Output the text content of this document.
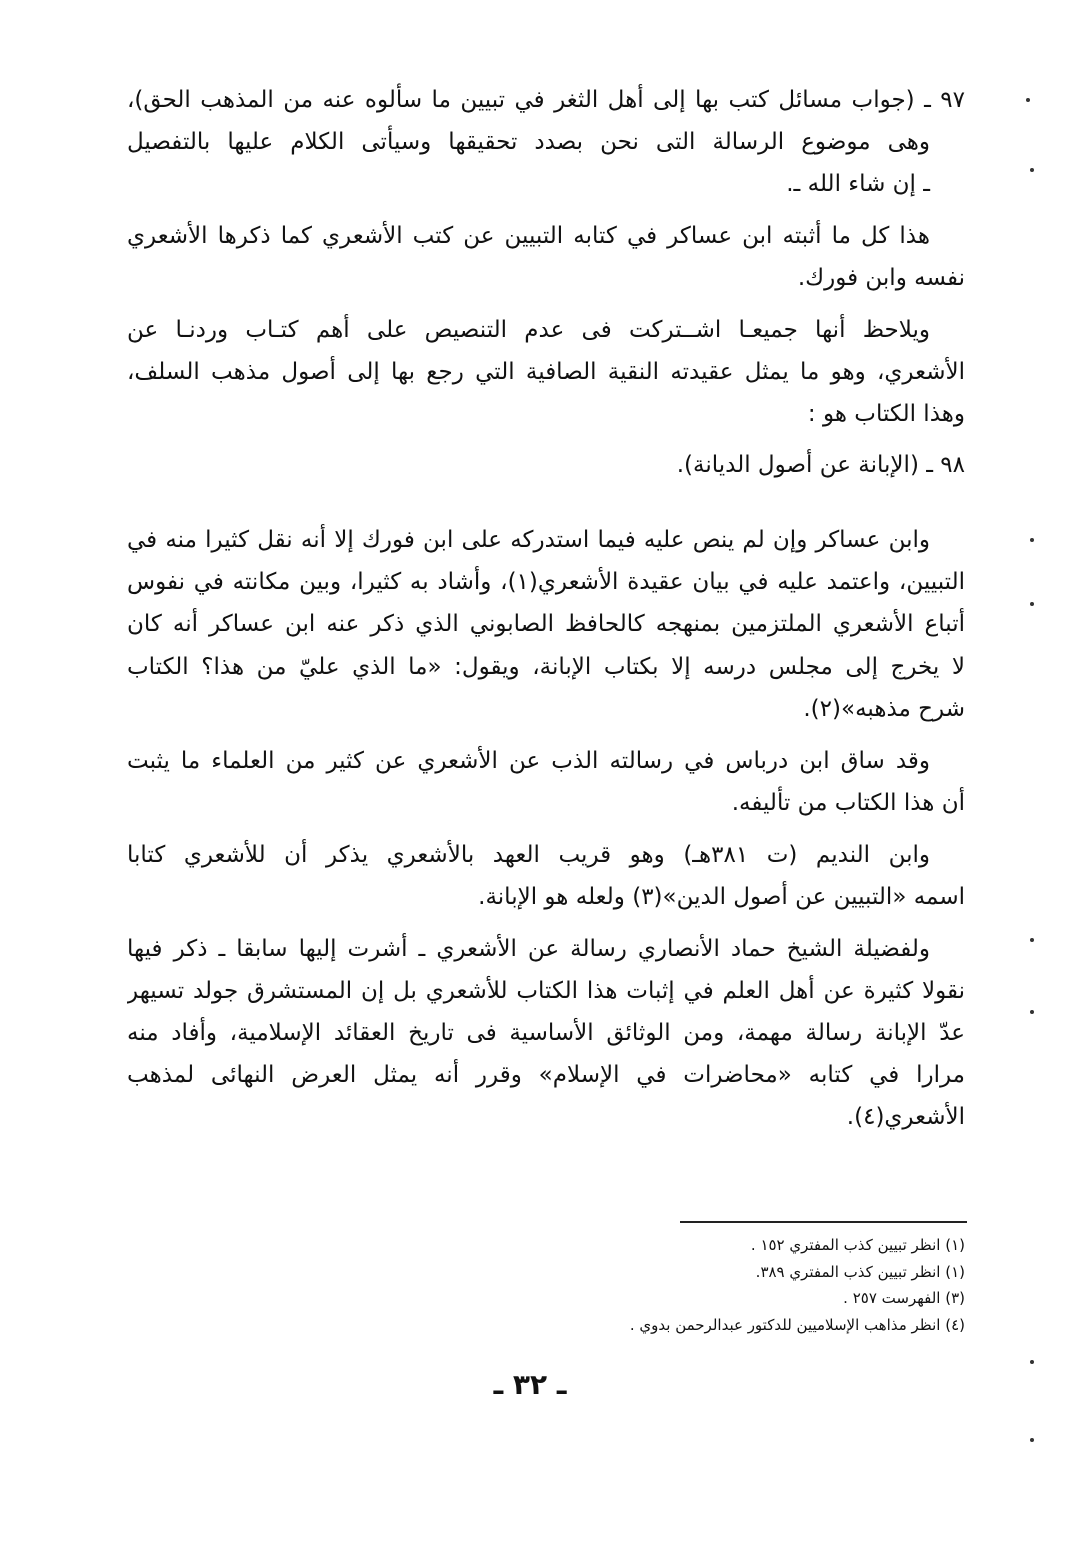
٩٧ ـ (جواب مسائل كتب بها إلى أهل الثغر في تبيين ما سألوه عنه من المذهب الحق)،
وهى موضوع الرسالة التى نحن بصدد تحقيقها وسيأتى الكلام عليها بالتفصيل
ـ إن شاء الله ـ.
هذا كل ما أثبته ابن عساكر في كتابه التبيين عن كتب الأشعري كما ذكرها الأشعري
نفسه وابن فورك.
ويلاحظ أنها جميعـا اشــتركت فى عدم التنصيص على أهم كتـاب وردنـا عن
الأشعري، وهو ما يمثل عقيدته النقية الصافية التي رجع بها إلى أصول مذهب السلف،
وهذا الكتاب هو :
٩٨ ـ (الإبانة عن أصول الديانة).
وابن عساكر وإن لم ينص عليه فيما استدركه على ابن فورك إلا أنه نقل كثيرا منه في
التبيين، واعتمد عليه في بيان عقيدة الأشعري(١)، وأشاد به كثيرا، وبين مكانته في نفوس
أتباع الأشعري الملتزمين بمنهجه كالحافظ الصابوني الذي ذكر عنه ابن عساكر أنه كان
لا يخرج إلى مجلس درسه إلا بكتاب الإبانة، ويقول: «ما الذي عليّ من هذا؟ الكتاب
شرح مذهبه»(٢).
وقد ساق ابن درباس في رسالته الذب عن الأشعري عن كثير من العلماء ما يثبت
أن هذا الكتاب من تأليفه.
وابن النديم (ت ٣٨١هـ) وهو قريب العهد بالأشعري يذكر أن للأشعري كتابا
اسمه «التبيين عن أصول الدين»(٣) ولعله هو الإبانة.
ولفضيلة الشيخ حماد الأنصاري رسالة عن الأشعري ـ أشرت إليها سابقا ـ ذكر فيها
نقولا كثيرة عن أهل العلم في إثبات هذا الكتاب للأشعري بل إن المستشرق جولد تسيهر
عدّ الإبانة رسالة مهمة، ومن الوثائق الأساسية فى تاريخ العقائد الإسلامية، وأفاد منه
مرارا في كتابه «محاضرات في الإسلام» وقرر أنه يمثل العرض النهائى لمذهب
الأشعري(٤).
(١) انظر تبيين كذب المفتري ١٥٢ .
(١) انظر تبيين كذب المفتري ٣٨٩.
(٣) الفهرست ٢٥٧ .
(٤) انظر مذاهب الإسلاميين للدكتور عبدالرحمن بدوي .
ـ ٣٢ ـ
